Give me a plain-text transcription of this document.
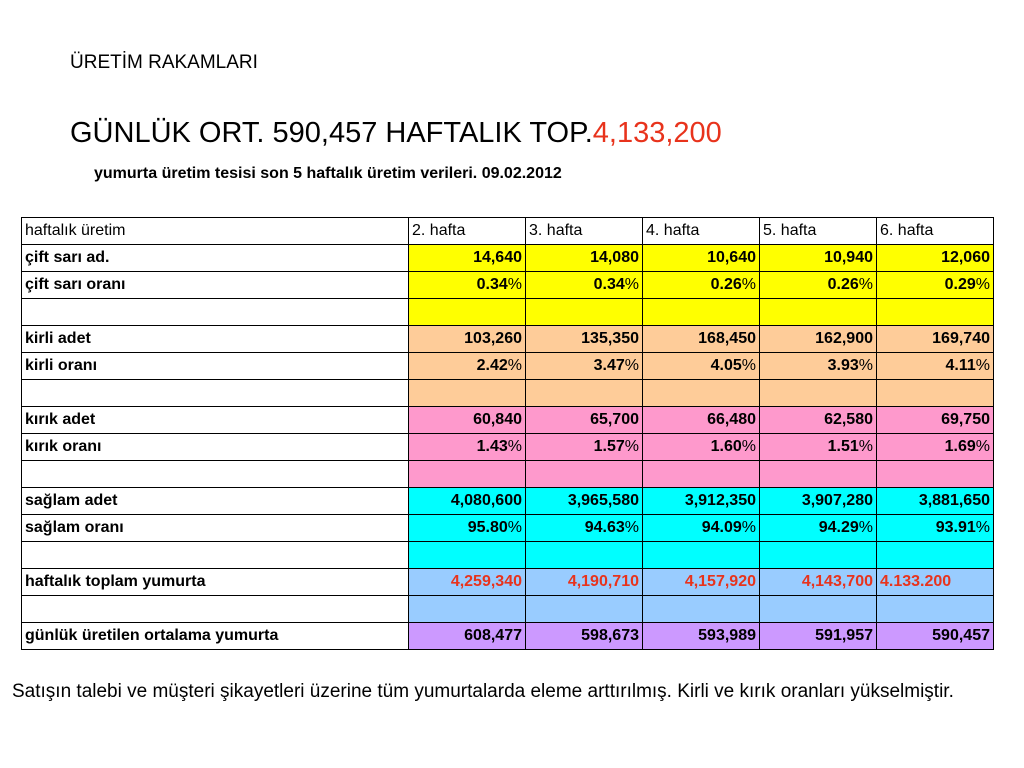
ÜRETİM RAKAMLARI
GÜNLÜK ORT. 590,457 HAFTALIK TOP.4,133,200
yumurta üretim tesisi son 5 haftalık üretim verileri. 09.02.2012
haftalık üretim	2. hafta	3. hafta	4. hafta	5. hafta	6. hafta
çift sarı ad.	14,640	14,080	10,640	10,940	12,060
çift sarı oranı	0.34%	0.34%	0.26%	0.26%	0.29%

kirli adet	103,260	135,350	168,450	162,900	169,740
kirli oranı	2.42%	3.47%	4.05%	3.93%	4.11%

kırık adet	60,840	65,700	66,480	62,580	69,750
kırık oranı	1.43%	1.57%	1.60%	1.51%	1.69%

sağlam adet	4,080,600	3,965,580	3,912,350	3,907,280	3,881,650
sağlam oranı	95.80%	94.63%	94.09%	94.29%	93.91%

haftalık toplam yumurta	4,259,340	4,190,710	4,157,920	4,143,700	4.133.200

günlük üretilen ortalama yumurta	608,477	598,673	593,989	591,957	590,457
Satışın talebi ve müşteri şikayetleri üzerine tüm yumurtalarda eleme arttırılmış. Kirli ve kırık oranları yükselmiştir.
